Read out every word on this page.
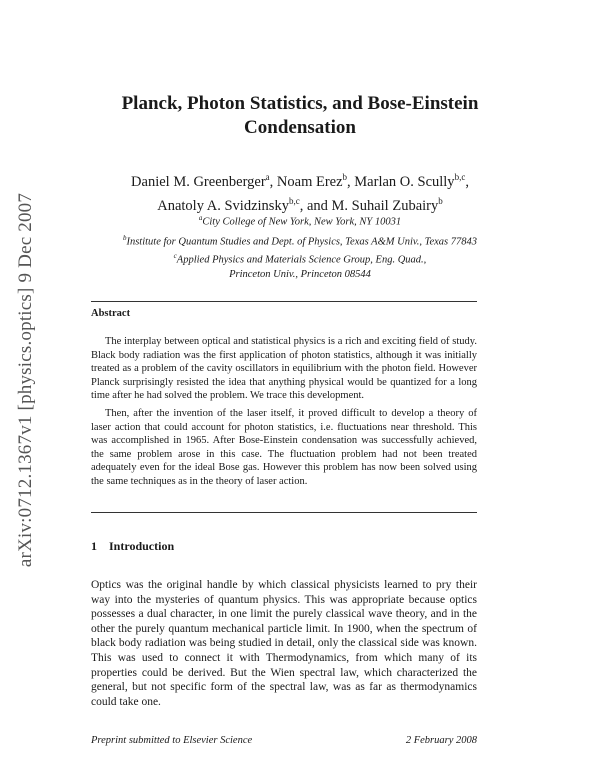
arXiv:0712.1367v1 [physics.optics] 9 Dec 2007
Planck, Photon Statistics, and Bose-Einstein
Condensation
Daniel M. Greenberger$^a$, Noam Erez$^b$, Marlan O. Scully$^{b,c}$,
Anatoly A. Svidzinsky$^{b,c}$, and M. Suhail Zubairy$^b$
$^a$City College of New York, New York, NY 10031
$^b$Institute for Quantum Studies and Dept. of Physics, Texas A&M Univ., Texas 77843
$^c$Applied Physics and Materials Science Group, Eng. Quad.,
Princeton Univ., Princeton 08544
Abstract

The interplay between optical and statistical physics is a rich and exciting field of study. Black body radiation was the first application of photon statistics, although it was initially treated as a problem of the cavity oscillators in equilibrium with the photon field. However Planck surprisingly resisted the idea that anything physical would be quantized for a long time after he had solved the problem. We trace this development.

Then, after the invention of the laser itself, it proved difficult to develop a theory of laser action that could account for photon statistics, i.e. fluctuations near threshold. This was accomplished in 1965. After Bose-Einstein condensation was successfully achieved, the same problem arose in this case. The fluctuation problem had not been treated adequately even for the ideal Bose gas. However this problem has now been solved using the same techniques as in the theory of laser action.

1 Introduction

Optics was the original handle by which classical physicists learned to pry their way into the mysteries of quantum physics. This was appropriate because optics possesses a dual character, in one limit the purely classical wave theory, and in the other the purely quantum mechanical particle limit. In 1900, when the spectrum of black body radiation was being studied in detail, only the classical side was known. This was used to connect it with Thermodynamics, from which many of its properties could be derived. But the Wien spectral law, which characterized the general, but not specific form of the spectral law, was as far as thermodynamics could take one.

Preprint submitted to Elsevier Science	2 February 2008
